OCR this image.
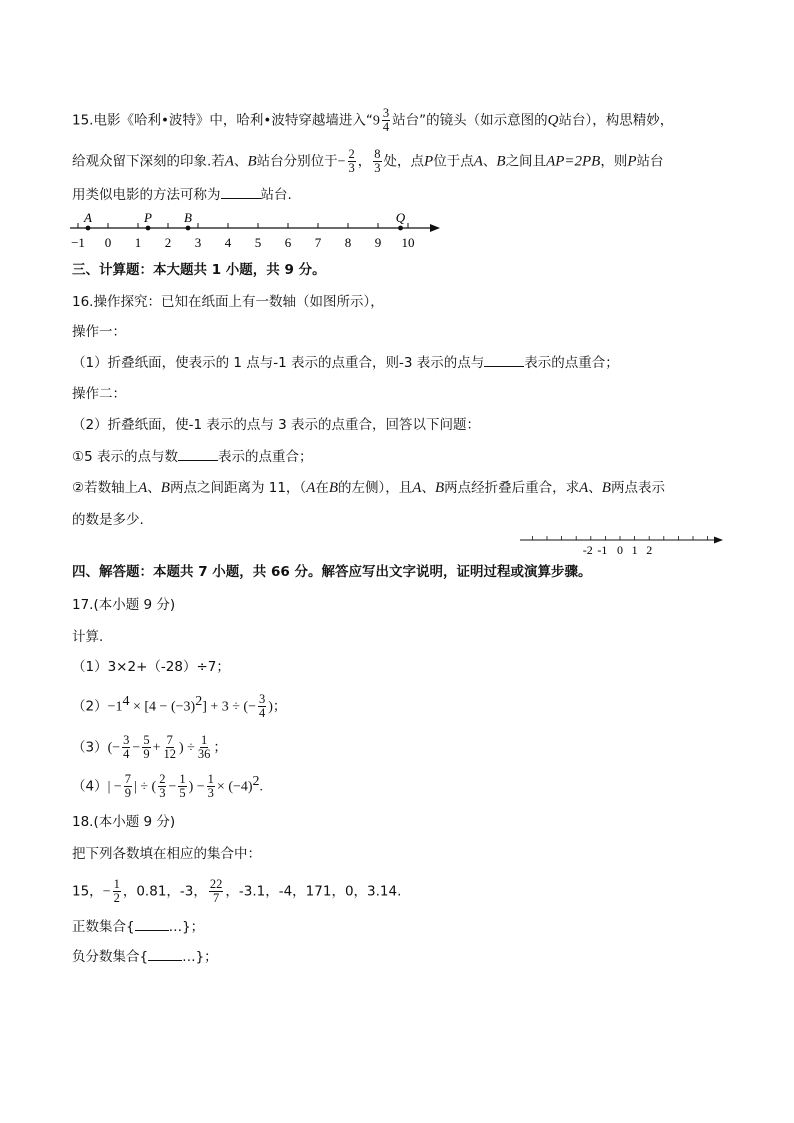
15.电影《哈利•波特》中，哈利•波特穿越墙进入“$9 \frac{3}{4}$ 站台”的镜头（如示意图的Q站台），构思精妙，
给观众留下深刻的印象.若A、B站台分别位于− $\frac{2}{3}$ ， $\frac{8}{3}$ 处，点P位于点A、B之间且AP=2PB，则P站台
用类似电影的方法可称为	站台.
−1 0 1 2 3 4 5 6 7 8 9 10
A	P B	Q
三、计算题：本大题共 1 小题，共 9 分。
16.操作探究：已知在纸面上有一数轴（如图所示），
操作一：
（1）折叠纸面，使表示的 1 点与-1 表示的点重合，则-3 表示的点与	表示的点重合；
操作二：
（2）折叠纸面，使-1 表示的点与 3 表示的点重合，回答以下问题：
①5 表示的点与数	表示的点重合；
②若数轴上A、B两点之间距离为 11，（A在B的左侧），且A、B两点经折叠后重合，求A、B两点表示
的数是多少.
-2 -1 0 1 2
四、解答题：本题共 7 小题，共 66 分。解答应写出文字说明，证明过程或演算步骤。
17.(本小题 9 分)
计算.
（1）3×2+（-28）÷7；
$(2)-1^4 \times [4 - (-3)^2] + 3$ ÷ (− $\frac{3}{4}$ )；
$(3)(- \frac{3}{4} - \frac{5}{9} + \frac{7}{12}$ ) ÷ $\frac{1}{36}$ ；
$(4)| - \frac{7}{9}$ | ÷ ( $\frac{2}{3} - \frac{1}{5}$ ) − $\frac{1}{3} \times (-4)^2$.
18.(本小题 9 分)
把下列各数填在相应的集合中：
15，− $\frac{1}{2}$ ，0.81，-3， $\frac{22}{7}$ ，-3.1，-4，171，0，3.14.
正数集合{	…}；
负分数集合{	…}；
